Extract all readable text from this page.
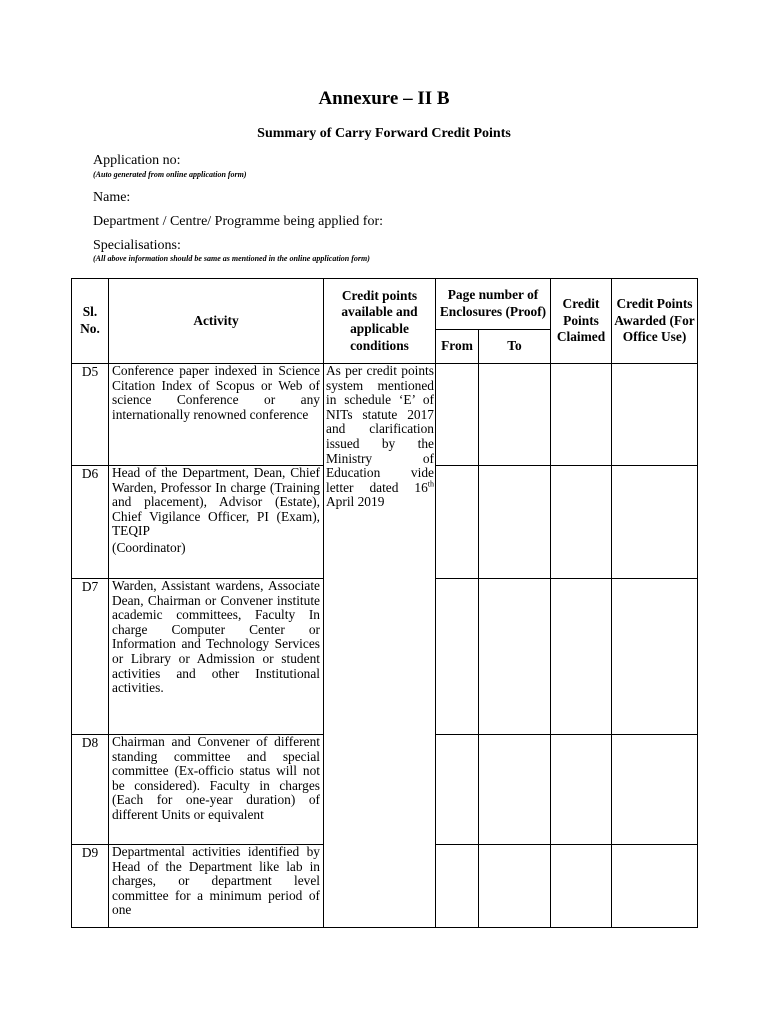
Annexure – II B
Summary of Carry Forward Credit Points
Application no:
(Auto generated from online application form)
Name:
Department / Centre/ Programme being applied for:
Specialisations:
(All above information should be same as mentioned in the online application form)
Sl. No.	Activity	Credit points available and applicable conditions	Page number of Enclosures (Proof)		Credit Points Claimed	Credit Points Awarded (For Office Use)
			From	To		
D5	Conference paper indexed in Science Citation Index of Scopus or Web of science Conference or any internationally renowned conference	As per credit points system mentioned in schedule ‘E’ of NITs statute 2017 and clarification issued by the Ministry of Education vide letter dated 16th April 2019				
D6	Head of the Department, Dean, Chief Warden, Professor In charge (Training and placement), Advisor (Estate), Chief Vigilance Officer, PI (Exam), TEQIP
(Coordinator)					

D7	Warden, Assistant wardens, Associate Dean, Chairman or Convener institute academic committees, Faculty In charge Computer Center or Information and Technology Services or Library or Admission or student activities and other Institutional activities.					
D8	Chairman and Convener of different standing committee and special committee (Ex-officio status will not be considered). Faculty in charges (Each for one-year duration) of different Units or equivalent					
D9	Departmental activities identified by Head of the Department like lab in charges, or department level committee for a minimum period of one					
